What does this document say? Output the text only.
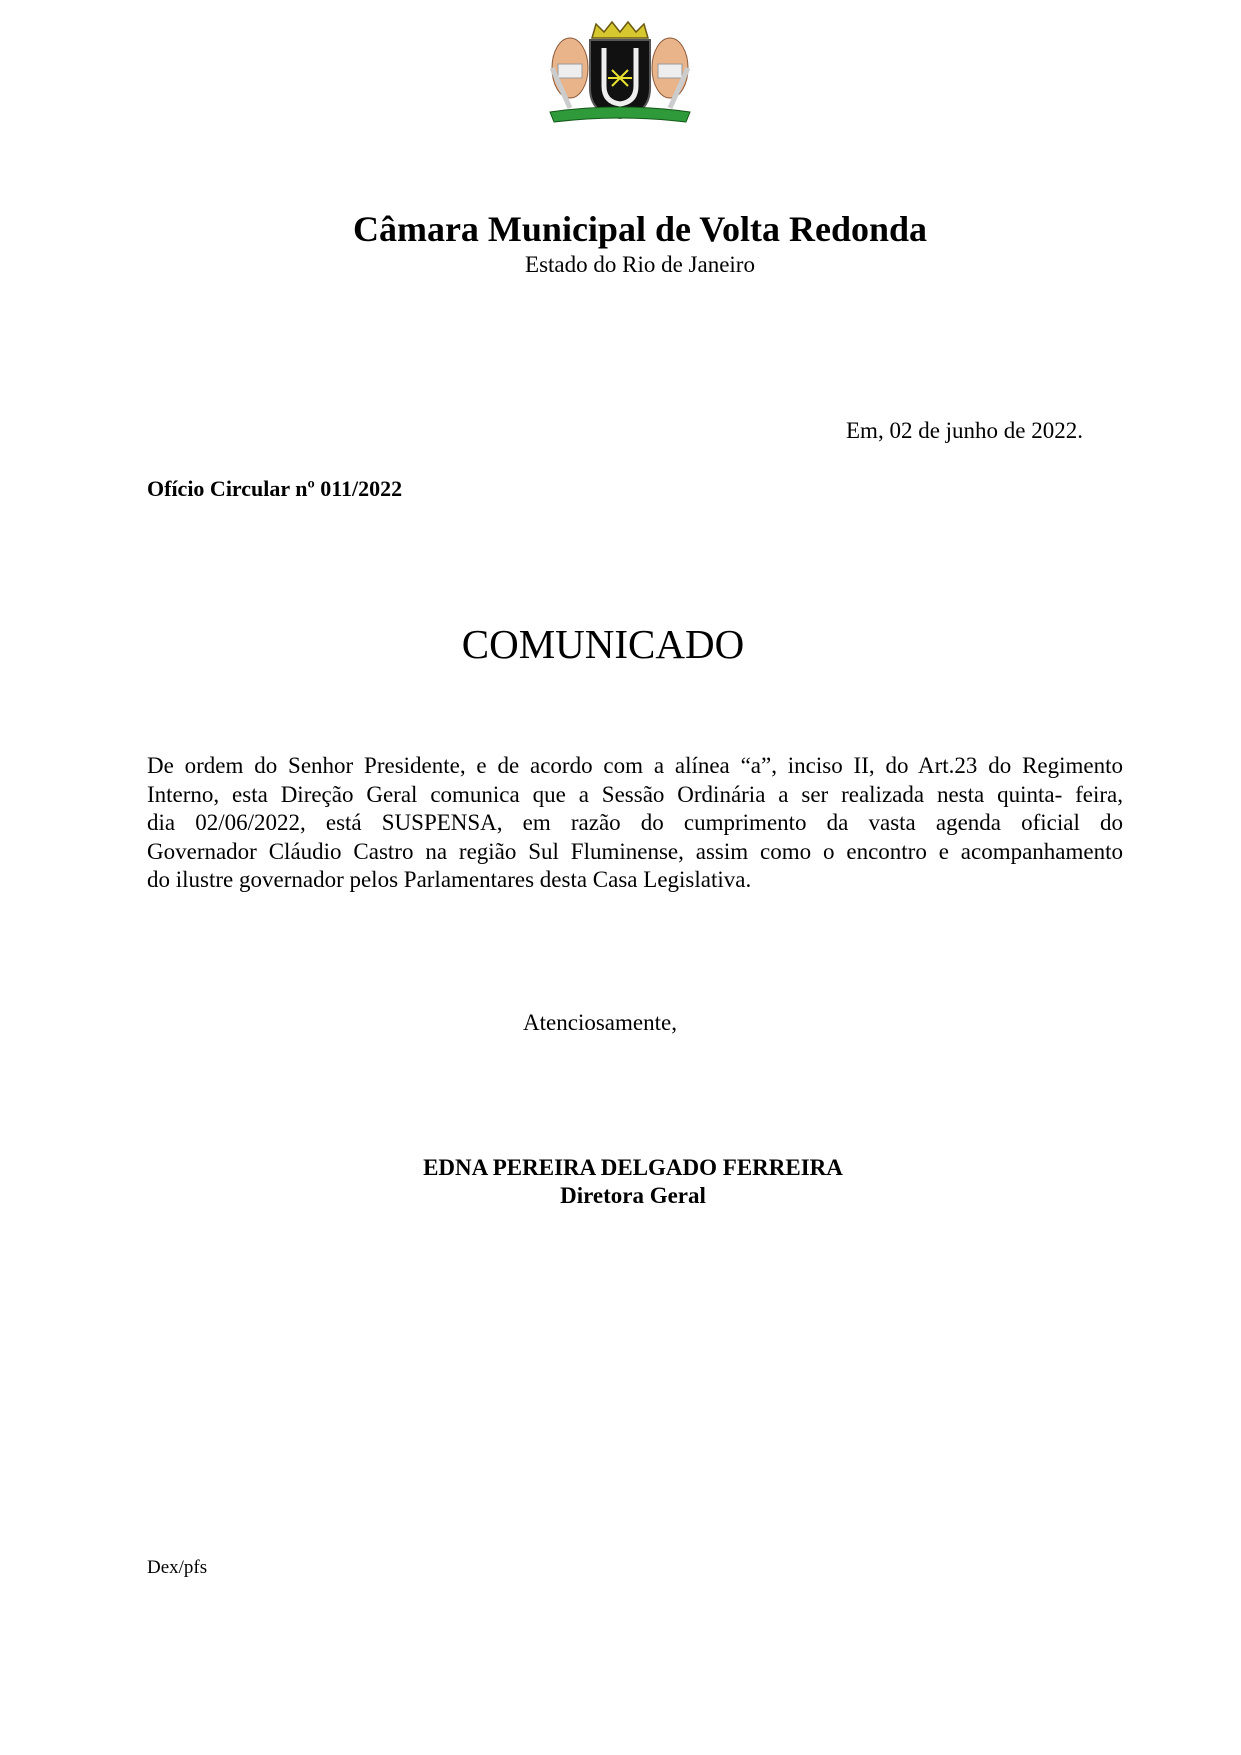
Câmara Municipal de Volta Redonda
Estado do Rio de Janeiro
Em, 02 de junho de 2022.
Ofício Circular nº 011/2022
COMUNICADO
De ordem do Senhor Presidente, e de acordo com a alínea “a”, inciso II, do Art.23 do Regimento
Interno, esta Direção Geral comunica que a Sessão Ordinária a ser realizada nesta quinta- feira,
dia 02/06/2022, está SUSPENSA, em razão do cumprimento da vasta agenda oficial do
Governador Cláudio Castro na região Sul Fluminense, assim como o encontro e acompanhamento
do ilustre governador pelos Parlamentares desta Casa Legislativa.
Atenciosamente,
EDNA PEREIRA DELGADO FERREIRA
Diretora Geral
Dex/pfs
